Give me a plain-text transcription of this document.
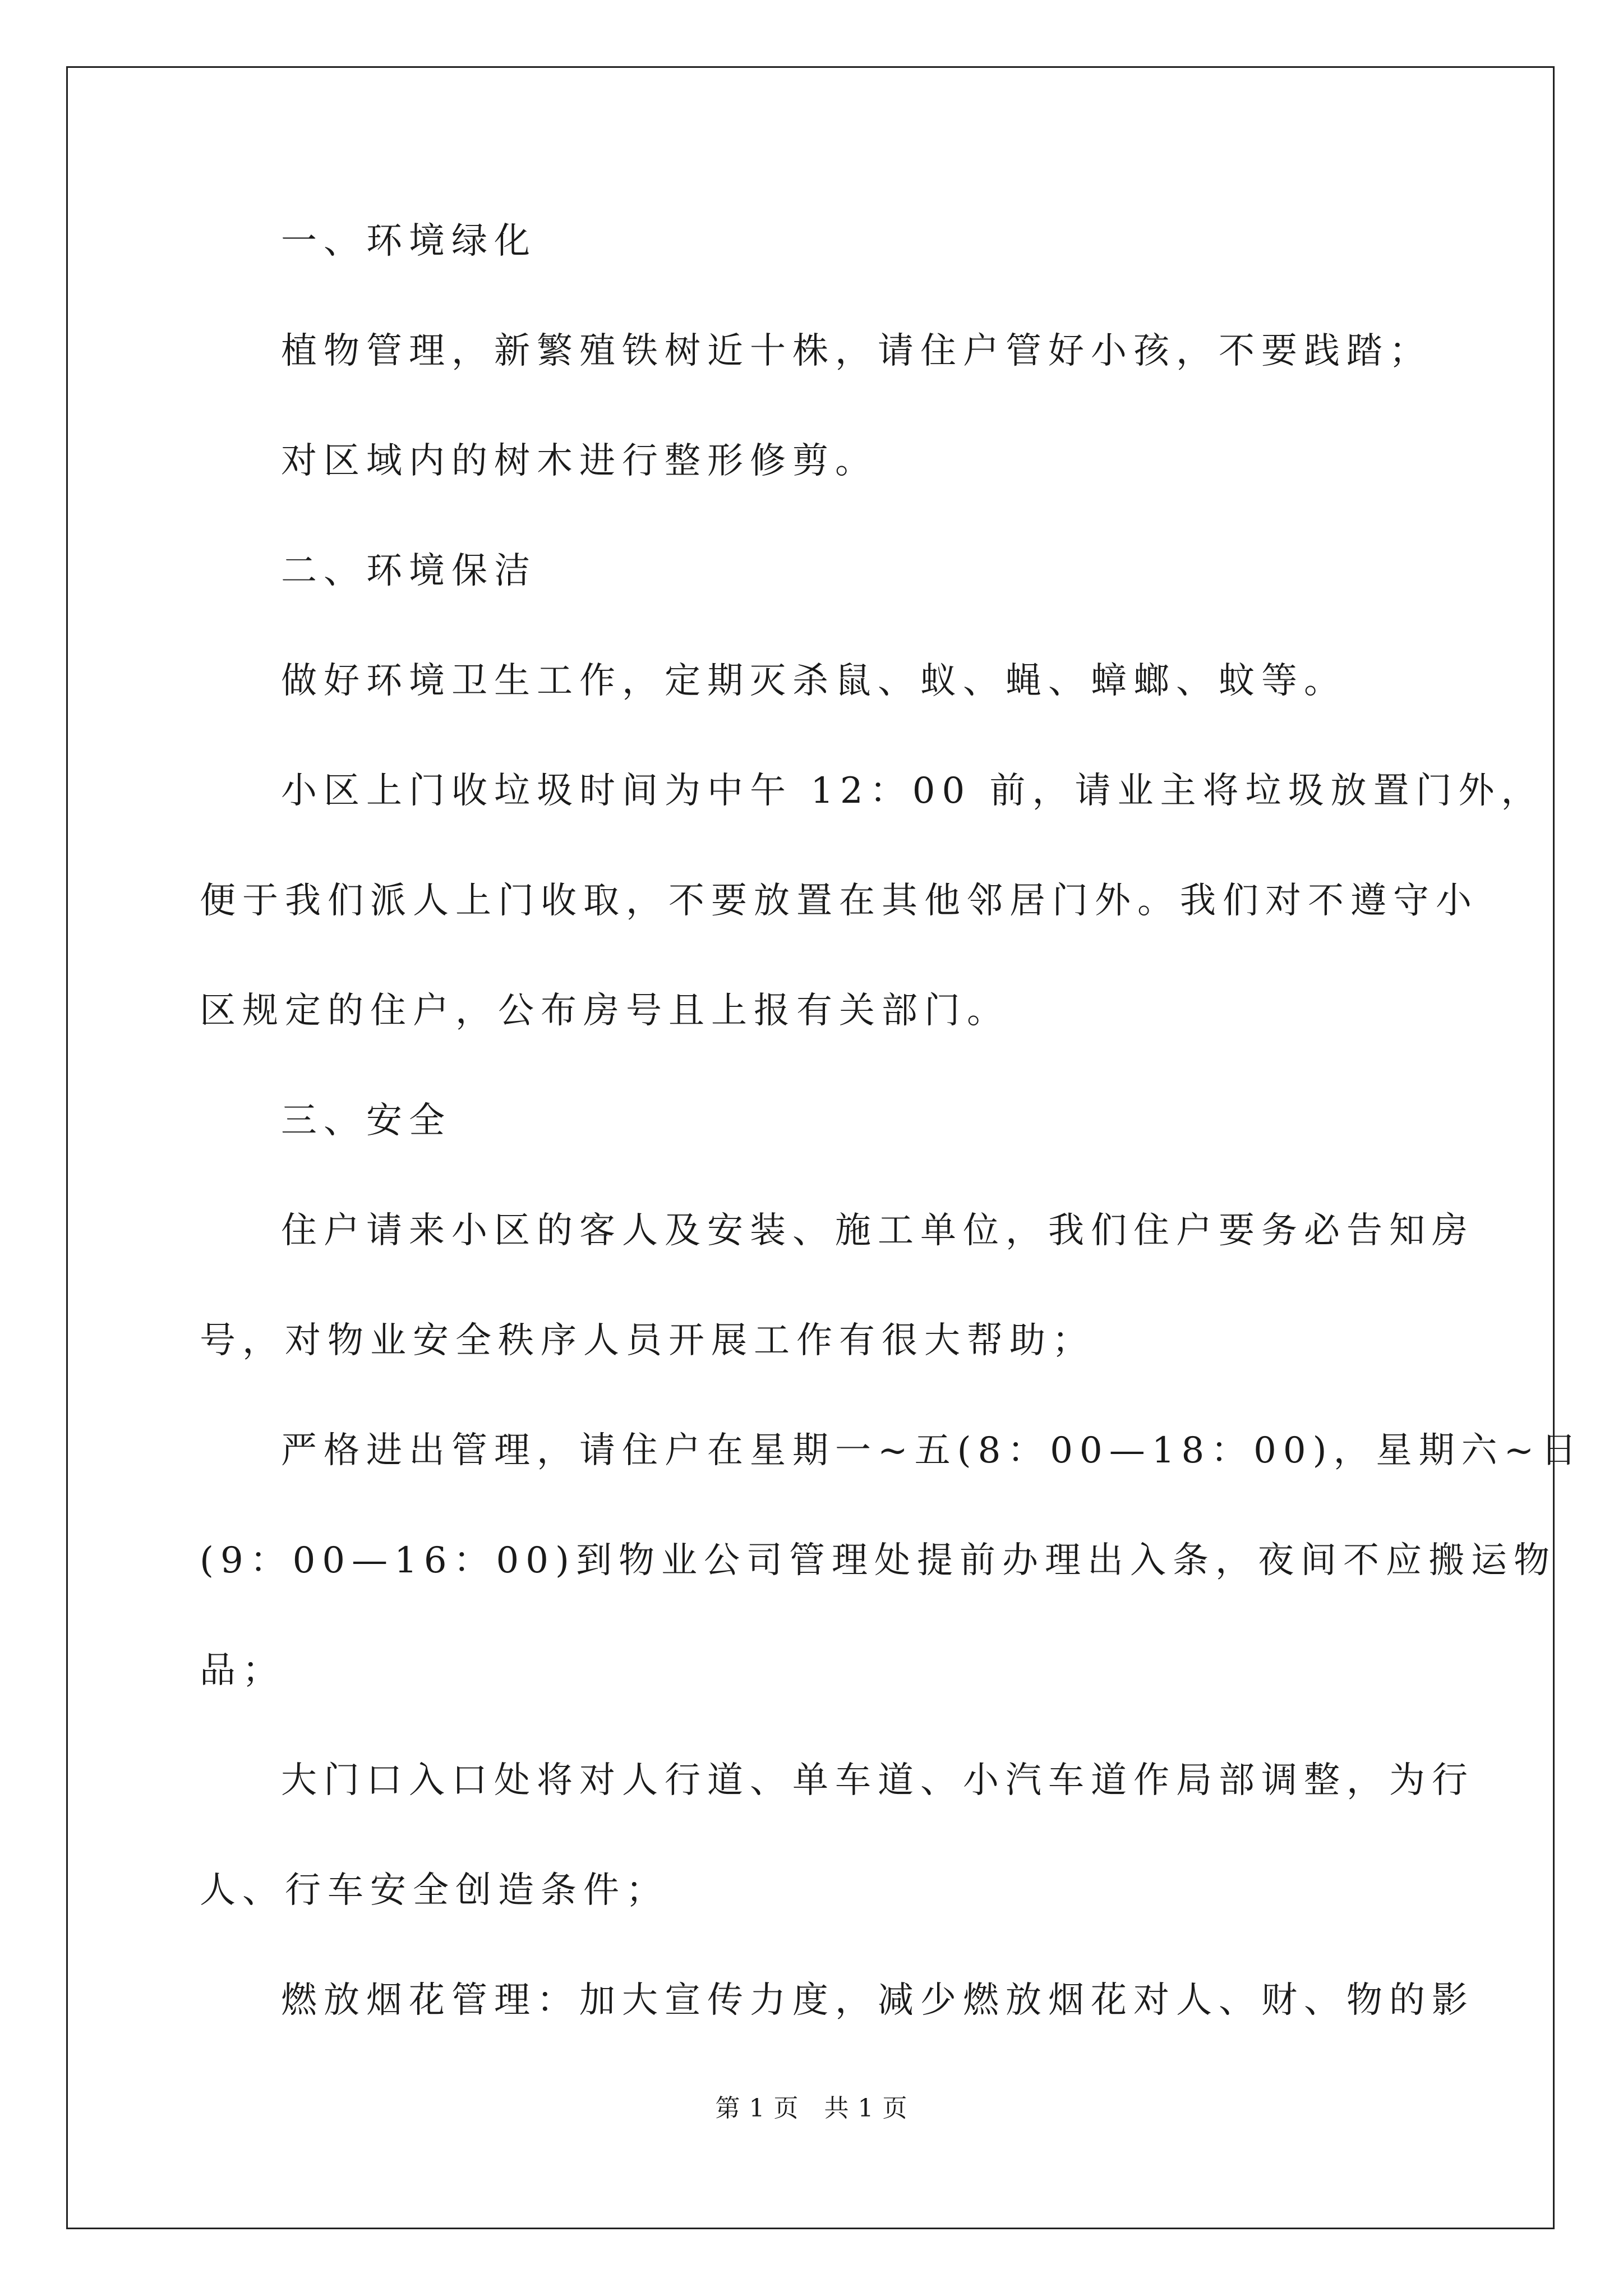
一、环境绿化
植物管理，新繁殖铁树近十株，请住户管好小孩，不要践踏；
对区域内的树木进行整形修剪。
二、环境保洁
做好环境卫生工作，定期灭杀鼠、蚁、蝇、蟑螂、蚊等。
小区上门收垃圾时间为中午 12：00 前，请业主将垃圾放置门外，
便于我们派人上门收取，不要放置在其他邻居门外。我们对不遵守小
区规定的住户，公布房号且上报有关部门。
三、安全
住户请来小区的客人及安装、施工单位，我们住户要务必告知房
号，对物业安全秩序人员开展工作有很大帮助；
严格进出管理，请住户在星期一~五(8：00—18：00)，星期六~日
(9：00—16：00)到物业公司管理处提前办理出入条，夜间不应搬运物
品；
大门口入口处将对人行道、单车道、小汽车道作局部调整，为行
人、行车安全创造条件；
燃放烟花管理：加大宣传力度，减少燃放烟花对人、财、物的影
第 1 页   共 1 页
